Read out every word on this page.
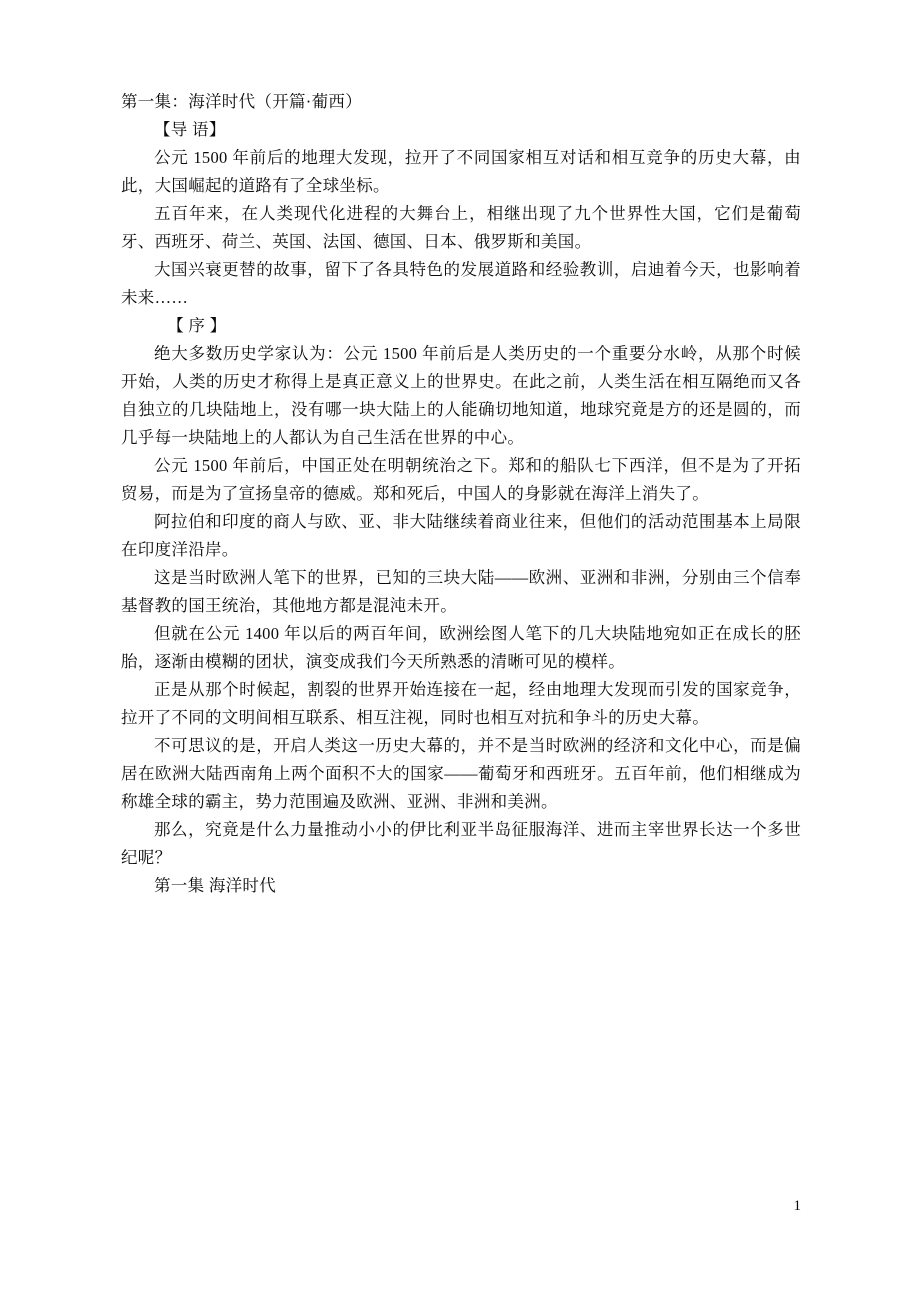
第一集：海洋时代（开篇·葡西）

【导 语】

公元 1500 年前后的地理大发现，拉开了不同国家相互对话和相互竞争的历史大幕，由此，大国崛起的道路有了全球坐标。

五百年来，在人类现代化进程的大舞台上，相继出现了九个世界性大国，它们是葡萄牙、西班牙、荷兰、英国、法国、德国、日本、俄罗斯和美国。

大国兴衰更替的故事，留下了各具特色的发展道路和经验教训，启迪着今天，也影响着未来……

【 序 】

绝大多数历史学家认为：公元 1500 年前后是人类历史的一个重要分水岭，从那个时候开始，人类的历史才称得上是真正意义上的世界史。在此之前，人类生活在相互隔绝而又各自独立的几块陆地上，没有哪一块大陆上的人能确切地知道，地球究竟是方的还是圆的，而几乎每一块陆地上的人都认为自己生活在世界的中心。

公元 1500 年前后，中国正处在明朝统治之下。郑和的船队七下西洋，但不是为了开拓贸易，而是为了宣扬皇帝的德威。郑和死后，中国人的身影就在海洋上消失了。

阿拉伯和印度的商人与欧、亚、非大陆继续着商业往来，但他们的活动范围基本上局限在印度洋沿岸。

这是当时欧洲人笔下的世界，已知的三块大陆——欧洲、亚洲和非洲，分别由三个信奉基督教的国王统治，其他地方都是混沌未开。

但就在公元 1400 年以后的两百年间，欧洲绘图人笔下的几大块陆地宛如正在成长的胚胎，逐渐由模糊的团状，演变成我们今天所熟悉的清晰可见的模样。

正是从那个时候起，割裂的世界开始连接在一起，经由地理大发现而引发的国家竞争，拉开了不同的文明间相互联系、相互注视，同时也相互对抗和争斗的历史大幕。

不可思议的是，开启人类这一历史大幕的，并不是当时欧洲的经济和文化中心，而是偏居在欧洲大陆西南角上两个面积不大的国家——葡萄牙和西班牙。五百年前，他们相继成为称雄全球的霸主，势力范围遍及欧洲、亚洲、非洲和美洲。

那么，究竟是什么力量推动小小的伊比利亚半岛征服海洋、进而主宰世界长达一个多世纪呢？

第一集 海洋时代

1
